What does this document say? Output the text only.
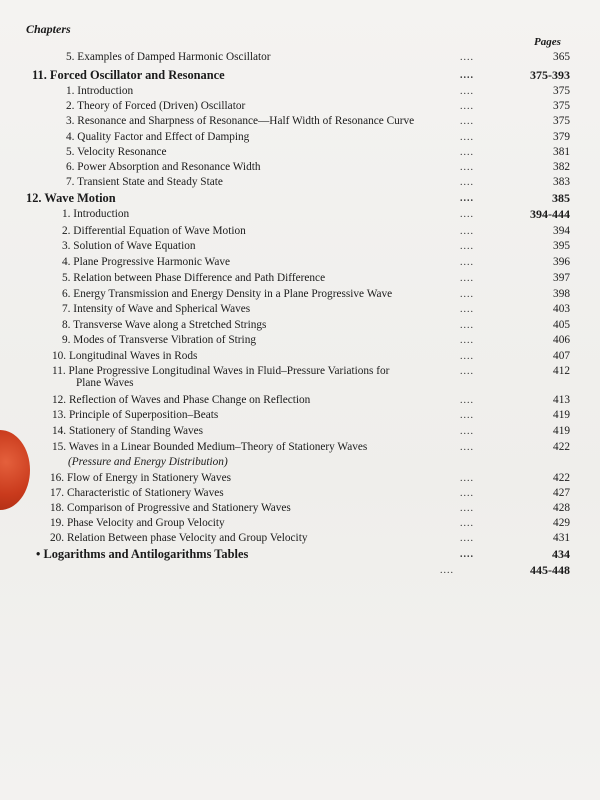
Chapters
Pages
5. Examples of Damped Harmonic Oscillator	....	365
11. Forced Oscillator and Resonance	....	375-393
1. Introduction	....	375
2. Theory of Forced (Driven) Oscillator	....	375
3. Resonance and Sharpness of Resonance—Half Width of Resonance Curve	....	375
4. Quality Factor and Effect of Damping	....	379
5. Velocity Resonance	....	381
6. Power Absorption and Resonance Width	....	382
7. Transient State and Steady State	....	383
12. Wave Motion	....	385
1. Introduction	....	394-444
2. Differential Equation of Wave Motion	....	394
3. Solution of Wave Equation	....	395
4. Plane Progressive Harmonic Wave	....	396
5. Relation between Phase Difference and Path Difference	....	397
6. Energy Transmission and Energy Density in a Plane Progressive Wave	....	398
7. Intensity of Wave and Spherical Waves	....	403
8. Transverse Wave along a Stretched Strings	....	405
9. Modes of Transverse Vibration of String	....	406
10. Longitudinal Waves in Rods	....	407
11. Plane Progressive Longitudinal Waves in Fluid–Pressure Variations for	....	412
Plane Waves
12. Reflection of Waves and Phase Change on Reflection	....	413
13. Principle of Superposition–Beats	....	419
14. Stationery of Standing Waves	....	419
15. Waves in a Linear Bounded Medium–Theory of Stationery Waves	....	422
(Pressure and Energy Distribution)
16. Flow of Energy in Stationery Waves	....	422
17. Characteristic of Stationery Waves	....	427
18. Comparison of Progressive and Stationery Waves	....	428
19. Phase Velocity and Group Velocity	....	429
20. Relation Between phase Velocity and Group Velocity	....	431
• Logarithms and Antilogarithms Tables	....	434
....	445-448
